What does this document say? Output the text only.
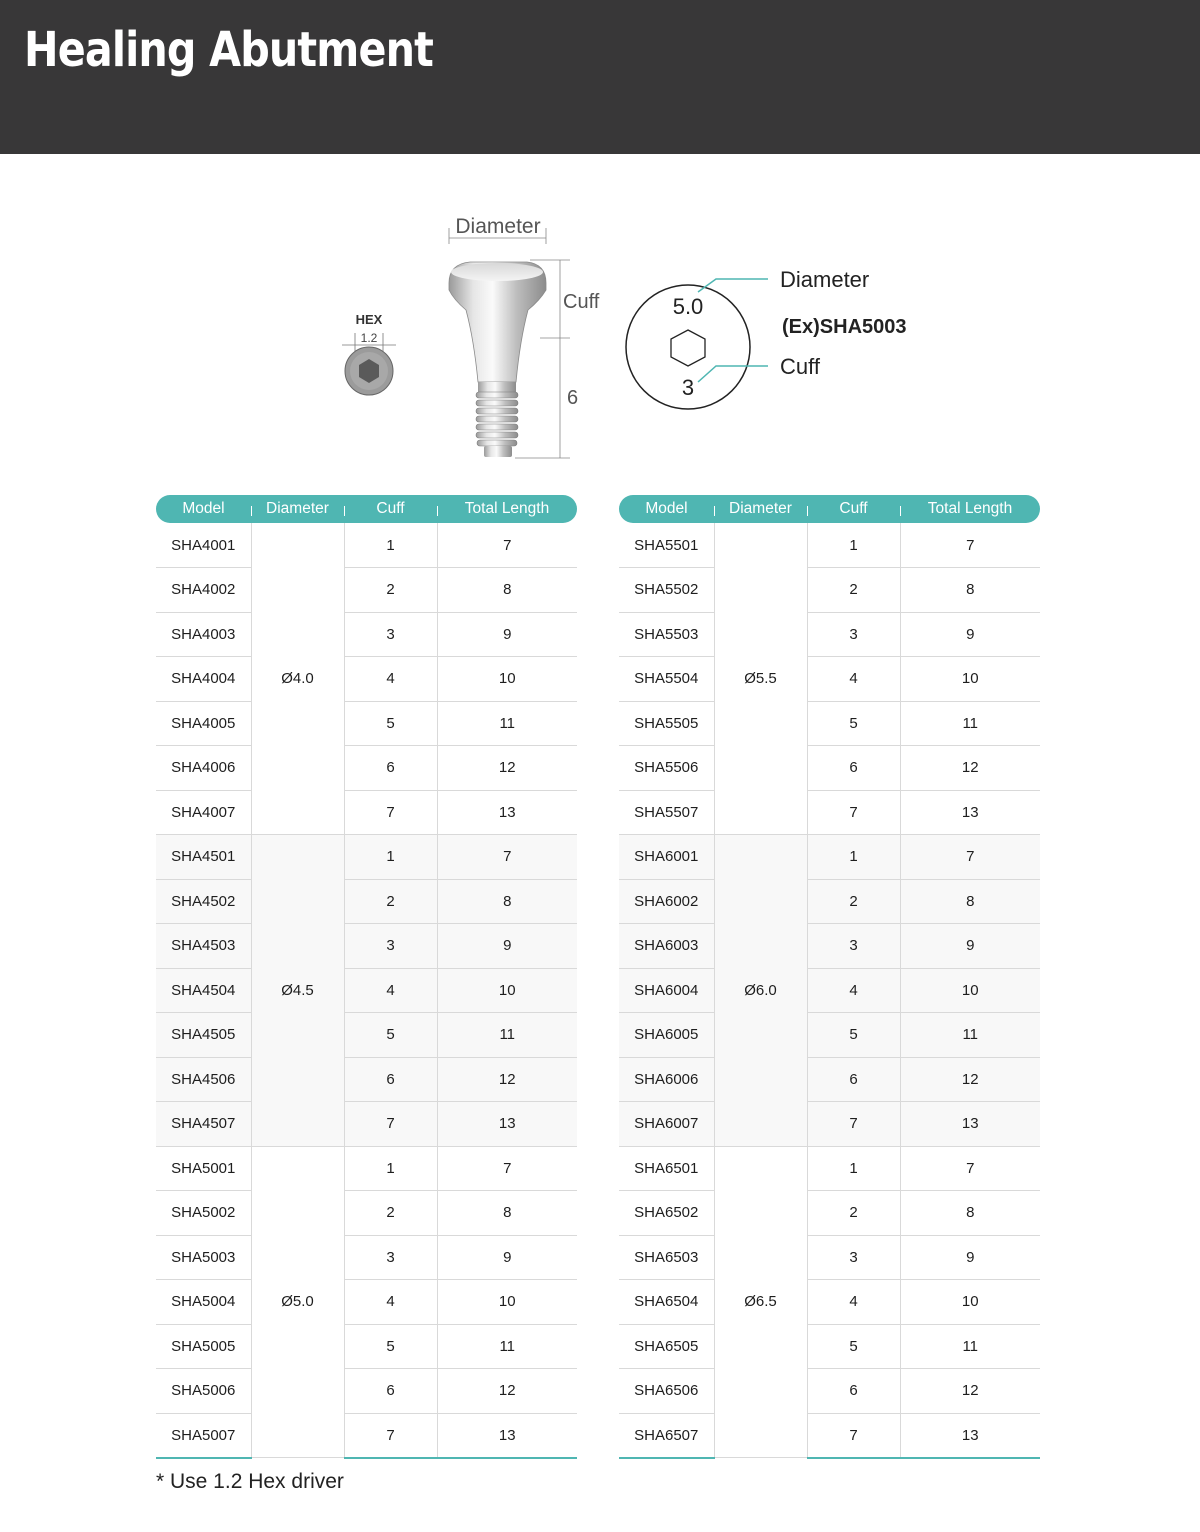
Healing Abutment
HEX
1.2
Diameter
Cuff
6
5.0
3
Diameter
(Ex)SHA5003
Cuff
Model	Diameter	Cuff	Total Length
SHA4001	Ø4.0	1	7
SHA4002		2	8
SHA4003		3	9
SHA4004		4	10
SHA4005		5	11
SHA4006		6	12
SHA4007		7	13
SHA4501	Ø4.5	1	7
SHA4502		2	8
SHA4503		3	9
SHA4504		4	10
SHA4505		5	11
SHA4506		6	12
SHA4507		7	13
SHA5001	Ø5.0	1	7
SHA5002		2	8
SHA5003		3	9
SHA5004		4	10
SHA5005		5	11
SHA5006		6	12
SHA5007		7	13
Model	Diameter	Cuff	Total Length
SHA5501	Ø5.5	1	7
SHA5502		2	8
SHA5503		3	9
SHA5504		4	10
SHA5505		5	11
SHA5506		6	12
SHA5507		7	13
SHA6001	Ø6.0	1	7
SHA6002		2	8
SHA6003		3	9
SHA6004		4	10
SHA6005		5	11
SHA6006		6	12
SHA6007		7	13
SHA6501	Ø6.5	1	7
SHA6502		2	8
SHA6503		3	9
SHA6504		4	10
SHA6505		5	11
SHA6506		6	12
SHA6507		7	13

* Use 1.2 Hex driver
